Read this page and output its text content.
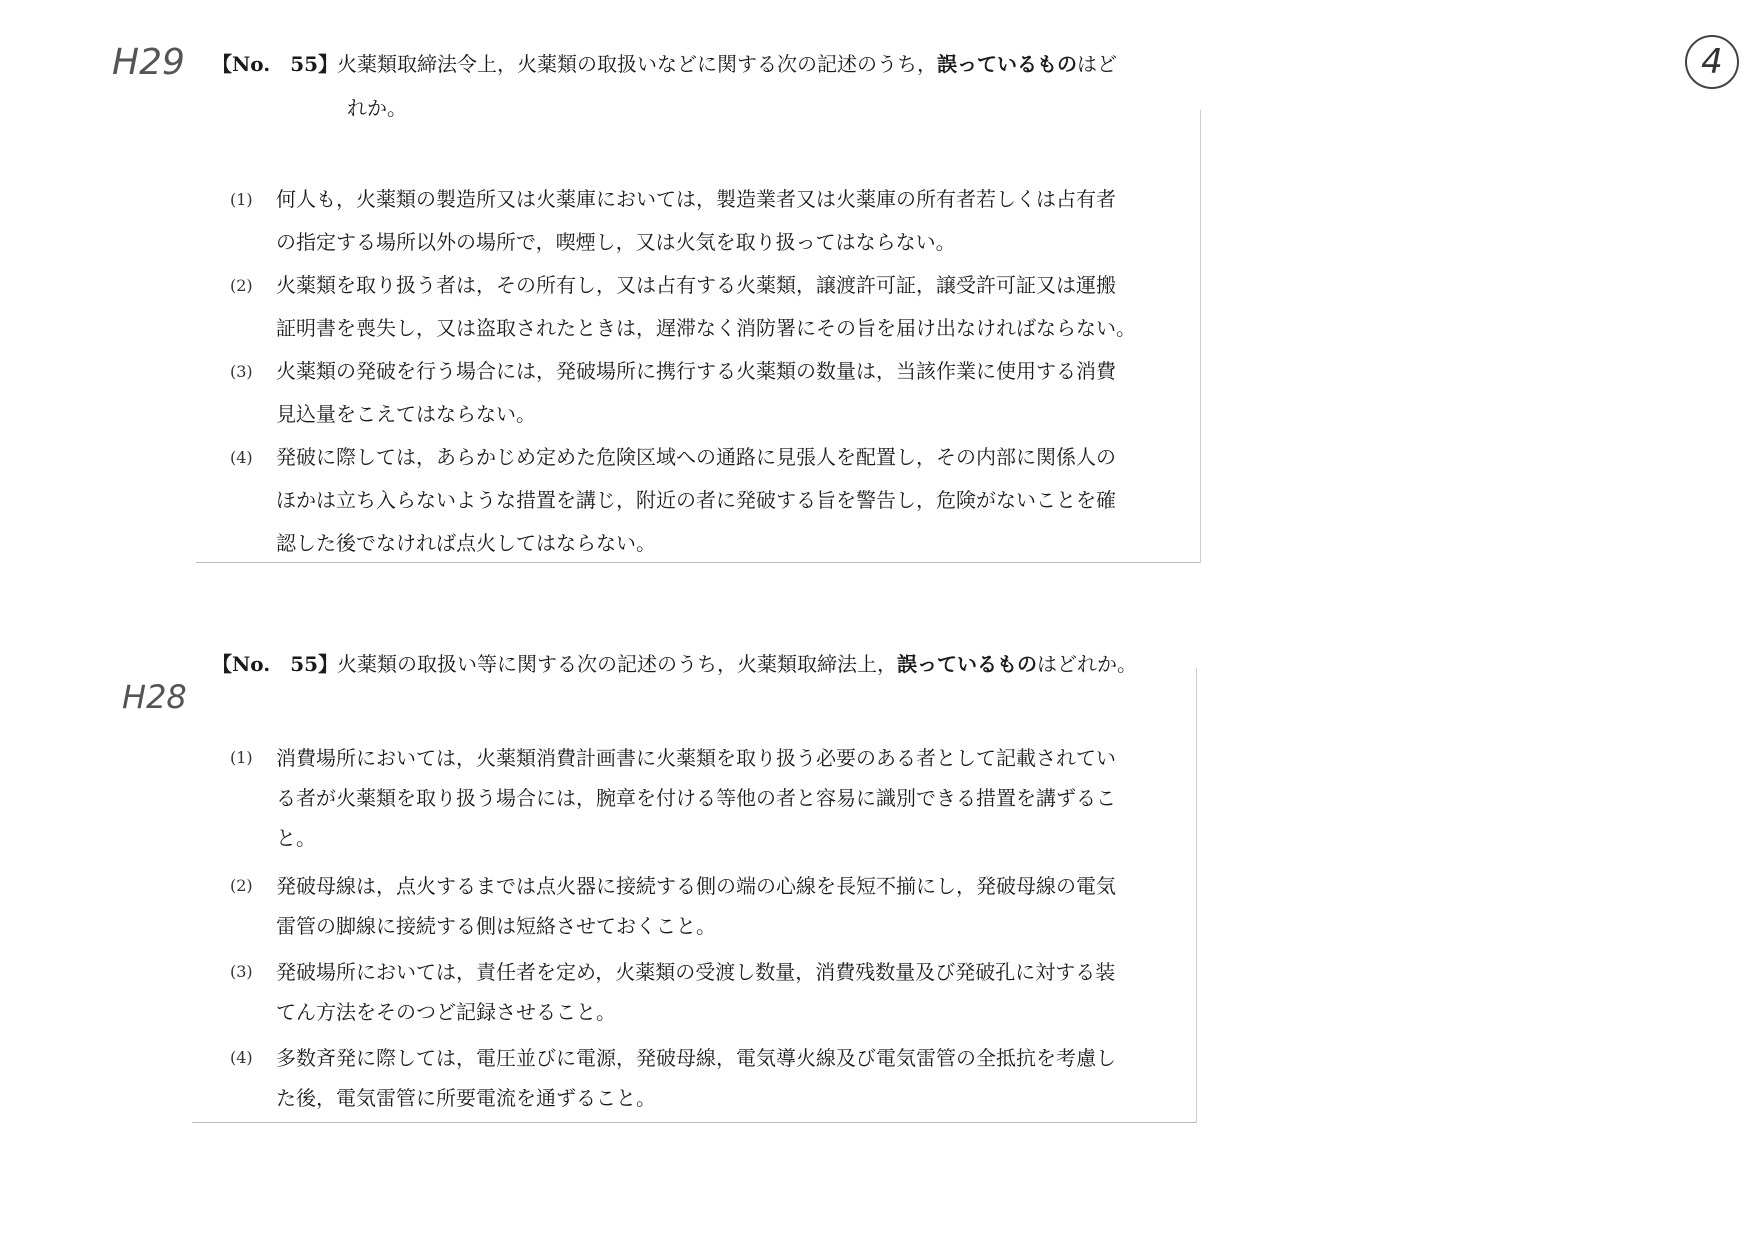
4
H29 【No.　55】火薬類取締法令上，火薬類の取扱いなどに関する次の記述のうち，誤っているものはど
れか。
(1) 何人も，火薬類の製造所又は火薬庫においては，製造業者又は火薬庫の所有者若しくは占有者
の指定する場所以外の場所で，喫煙し，又は火気を取り扱ってはならない。
(2) 火薬類を取り扱う者は，その所有し，又は占有する火薬類，譲渡許可証，譲受許可証又は運搬
証明書を喪失し，又は盗取されたときは，遅滞なく消防署にその旨を届け出なければならない。
(3) 火薬類の発破を行う場合には，発破場所に携行する火薬類の数量は，当該作業に使用する消費
見込量をこえてはならない。
(4) 発破に際しては，あらかじめ定めた危険区域への通路に見張人を配置し，その内部に関係人の
ほかは立ち入らないような措置を講じ，附近の者に発破する旨を警告し，危険がないことを確
認した後でなければ点火してはならない。
H28
【No.　55】火薬類の取扱い等に関する次の記述のうち，火薬類取締法上，誤っているものはどれか。
(1) 消費場所においては，火薬類消費計画書に火薬類を取り扱う必要のある者として記載されてい
る者が火薬類を取り扱う場合には，腕章を付ける等他の者と容易に識別できる措置を講ずるこ
と。
(2) 発破母線は，点火するまでは点火器に接続する側の端の心線を長短不揃にし，発破母線の電気
雷管の脚線に接続する側は短絡させておくこと。
(3) 発破場所においては，責任者を定め，火薬類の受渡し数量，消費残数量及び発破孔に対する装
てん方法をそのつど記録させること。
(4) 多数斉発に際しては，電圧並びに電源，発破母線，電気導火線及び電気雷管の全抵抗を考慮し
た後，電気雷管に所要電流を通ずること。
